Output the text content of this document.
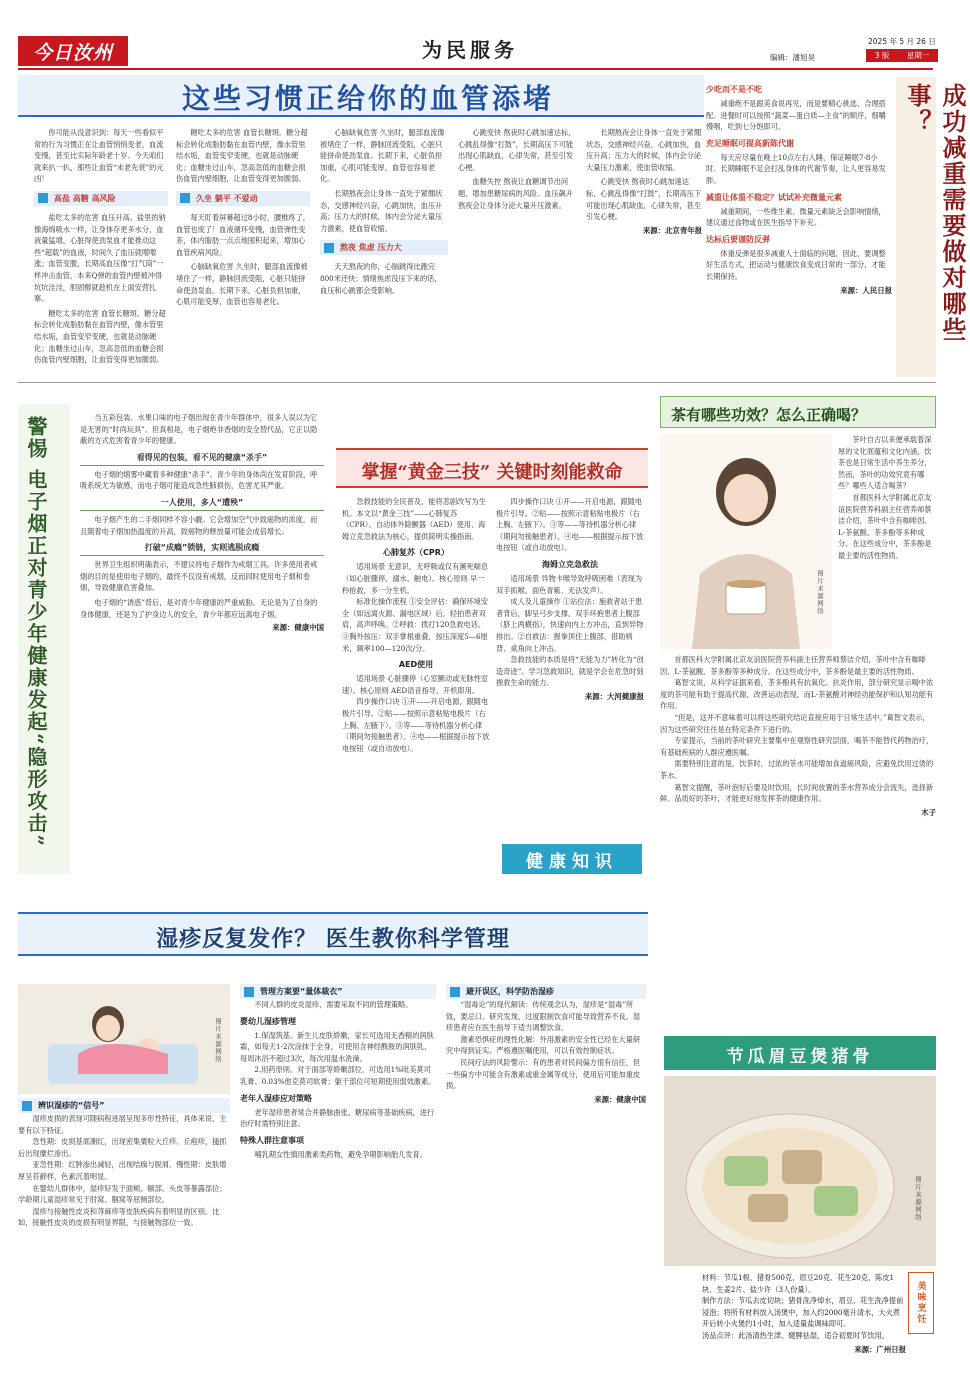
今日汝州	为民服务	2025 年 5 月 26 日
编辑：潘旭昊	3 版 星期一
这些习惯正给你的血管添堵
你可能从没意识到：每天一些看似平常的行为习惯正在让血管悄悄变老，血流变慢，甚至比实际年龄老十岁。今天咱们就来扒一扒，那些让血管“未老先衰”的元凶！
高盐 高糖 高风险
盐吃太多的危害 血压升高。盐里的钠像海绵吸水一样，让身体存更多水分，血液量猛增，心脏得使劲泵血才能推动这些“超载”的血液，时间久了血压就噌噌涨；血管变脆，长期高血压像“打气筒”一样冲击血管，本来Q弹的血管内壁被冲得坑坑洼洼，胆固醇就趁机在上面安营扎寨。
糖吃太多的危害 血管长糖斑。糖分超标会转化成脂肪黏在血管内壁，像水管里结水垢，血管变窄变硬，也就是动脉硬化；血糖坐过山车，忽高忽低的血糖会损伤血管内壁细胞，让血管变得更加脆弱。
糖吃太多的危害 血管长糖斑。糖分超标会转化成脂肪黏在血管内壁，像水管里结水垢，血管变窄变硬，也就是动脉硬化；血糖坐过山车，忽高忽低的血糖会损伤血管内壁细胞，让血管变得更加脆弱。
久坐 躺平 不爱动
每天盯着屏幕超过8小时，腰椎疼了，血管也废了！血液循环变慢，血管弹性变差，体内脂肪一点点地囤积起来，增加心血管疾病风险。
心脑缺氧危害 久坐时，腿部血流像被堵住了一样，静脉回流受阻，心脏只能拼命使劲泵血。长期下来，心脏负担加重，心肌可能变厚，血管也容易老化。
心脑缺氧危害 久坐时，腿部血流像被堵住了一样，静脉回流受阻，心脏只能拼命使劲泵血。长期下来，心脏负担加重，心肌可能变厚，血管也容易老化。
长期熬夜会让身体一直处于紧绷状态，交感神经兴奋，心跳加快，血压升高；压力大的时候，体内会分泌大量压力激素，使血管收缩。
熬夜 焦虑 压力大
天天熬夜的你，心脑跳得比跑完800米还快；情绪焦虑没压下来的话，血压和心跳都会受影响。
心跳变快 熬夜时心跳加速达标，心跳乱得像“打鼓”，长期高压下可能出现心肌缺血，心律失常，甚至引发心梗。
血糖失控 熬夜让血糖调节出问题，增加患糖尿病的风险。血压飙升 熬夜会让身体分泌大量升压激素。
长期熬夜会让身体一直处于紧绷状态，交感神经兴奋，心跳加快，血压升高；压力大的时候，体内会分泌大量压力激素，使血管收缩。
心跳变快 熬夜时心跳加速达标，心跳乱得像“打鼓”，长期高压下可能出现心肌缺血，心律失常，甚至引发心梗。
来源：北京青年报
少吃而不是不吃
减重绝不是跟美食说再见，而是要精心挑选、合理搭配。进餐时可以按照“蔬菜—蛋白质—主食”的顺序，细嚼慢咽，吃到七分饱即可。
充足睡眠可提高新陈代谢
每天应尽量在晚上10点左右入睡，保证睡眠7-8小时。长期睡眠不足会打乱身体的代谢节奏，让人更容易发胖。
减重让体重不稳定？试试补充微量元素
减重期间，一些维生素、微量元素缺乏会影响情绪，建议通过食物或在医生指导下补充。
达标后要谨防反弹
体重反弹是很多减重人士面临的问题。因此，要调整好生活方式，把运动与健康饮食变成日常的一部分，才能长期保持。
来源：人民日报	成功减重需要做对哪些事？
警惕 电子烟正对青少年健康发起“隐形攻击”	当五彩包装、水果口味的电子烟出现在青少年群体中，很多人误以为它是无害的“时尚玩具”。但真相是，电子烟绝非香烟的安全替代品，它正以隐蔽的方式危害着青少年的健康。
看得见的包装，看不见的健康“杀手”
电子烟的烟雾中藏着多种健康“杀手”。青少年的身体尚在发育阶段，呼吸系统尤为敏感，而电子烟可能造成急性肺损伤，危害尤其严重。
一人使用，多人“遭殃”
电子烟产生的二手烟同样不容小觑。它会增加空气中致癌物的浓度，而且随着电子烟加热温度的升高，致癌物的释放量可能会成倍增长。
打破“成瘾”锁链，实则逃脱成瘾
世界卫生组织明确表示，不建议将电子烟作为戒烟工具。许多使用者戒烟的目的是使用电子烟的，最终不仅没有戒烟，反而同时使用电子烟和卷烟，导致健康危害叠加。
电子烟的“诱惑”背后，是对青少年健康的严重威胁。无论是为了自身的身体健康，还是为了护身边人的安全，青少年都应远离电子烟。
来源：健康中国
掌握“黄金三技” 关键时刻能救命
急救技能的全民普及，能将悲剧改写为生机。本文以“黄金三技”——心肺复苏（CPR）、自动体外除颤器（AED）使用、海姆立克急救法为核心，提供简明实操指南。
心肺复苏（CPR）
适用场景 无意识、无呼吸或仅有濒死喘息（如心脏骤停、溺水、触电）。核心原则 早一秒抢救，多一分生机。
标准化操作流程 ①安全评估：确保环境安全（如远离火源、漏电区域）后，轻拍患者双肩，高声呼唤。②呼救：拨打120急救电话。③胸外按压：双手掌根重叠，按压深度5—6厘米，频率100—120次/分。
AED使用
适用场景 心脏骤停（心室颤动或无脉性室速）。核心原则 AED语音指导，开机即用。
四步操作口诀 ①开——开启电源，跟随电极片引导。②贴——按照示意粘贴电极片（右上胸、左腋下）。③等——等待机器分析心律（期间勿接触患者）。④电——根据提示按下放电按钮（或自动放电）。
四步操作口诀 ①开——开启电源，跟随电极片引导。②贴——按照示意粘贴电极片（右上胸、左腋下）。③等——等待机器分析心律（期间勿接触患者）。④电——根据提示按下放电按钮（或自动放电）。
海姆立克急救法
适用场景 异物卡喉导致呼吸困难（表现为双手抓喉、面色青紫、无法发声）。
成人及儿童操作 ①站位法：施救者站于患者背后，脚呈弓步支撑，双手环抱患者上腹部（脐上两横指），快速向内上方冲击，直到异物排出。②自救法：握拳顶住上腹部，借助椅背、桌角向上冲击。
急救技能的本质是将“无能为力”转化为“创造奇迹”。学习急救知识，就是学会在危急时刻挽救生命的能力。
来源：大河健康报
健康知识
茶有哪些功效？怎么正确喝？
图片来源网络
茶叶自古以来便承载着深厚的文化底蕴和文化内涵，饮茶也是日常生活中养生养分，然而，茶叶的功效究竟有哪些？哪些人适合喝茶？
首都医科大学附属北京友谊医院营养科副主任营养师蔡洁介绍，茶叶中含有咖啡因、L-茶氨酸、茶多酚等多种成分。在这些成分中，茶多酚是最主要的活性物质。
首都医科大学附属北京友谊医院营养科副主任营养师蔡洁介绍，茶叶中含有咖啡因、L-茶氨酸、茶多酚等多种成分。在这些成分中，茶多酚是最主要的活性物质。
葛智文说，从科学证据来看，茶多酚具有抗氧化、抗炎作用，部分研究显示喝中浓度的茶可能有助于提高代谢，改善运动表现，而L-茶氨酸对神经功能保护和认知功能有作用。
“但是，这并不意味着可以将这些研究结论直接应用于日常生活中。”葛智文表示，因为这些研究往往是在特定条件下进行的。
专家提示，当前的茶叶研究主要集中在观察性研究层面，喝茶不能替代药物治疗，有基础疾病的人群应遵医嘱。
需要特别注意的是，饮茶时，过浓的茶水可能增加食道癌风险，应避免饮用过烫的茶水。
葛智文提醒，茶叶泡好后要及时饮用，长时间放置的茶水营养成分会流失，选择新鲜、品质好的茶叶，才能更好地发挥茶的健康作用。
木子
湿疹反复发作？ 医生教你科学管理
图片来源网络
辨识湿疹的“信号”
湿疹皮损的表现可随病程进展呈现多形性特征，具体来说，主要有以下特征。
急性期：皮损基底潮红，出现密集粟粒大丘疹、丘疱疹，搔抓后出现糜烂渗出。
亚急性期：红肿渗出减轻，出现结痂与脱屑。慢性期：皮肤增厚呈苔藓样，色素沉着明显。
在婴幼儿群体中，湿疹好发于面颊、额部、头皮等暴露部位；学龄期儿童湿疹常见于肘窝、腘窝等屈侧部位。
湿疹与接触性皮炎和荨麻疹等皮肤疾病有着明显的区别。比如，接触性皮炎的皮损有明显界限，与接触物部位一致。
管理方案要“量体裁衣”
不同人群的皮炎湿疹，需要采取不同的管理策略。
婴幼儿湿疹管理
1.保湿筑基。新生儿皮肤娇嫩，家长可选用无香精的润肤霜，如每天1-2次涂抹于全身，可使用含神经酰胺的润肤乳，每周沐浴不超过3次，每次用温水洗澡。
2.用药原则。对于面部等娇嫩部位，可选用1%吡美莫司乳膏、0.03%他克莫司软膏；躯干部位可短期使用弱效激素。
老年人湿疹应对策略
老年湿疹患者常合并静脉曲张、糖尿病等基础疾病，进行治疗时需特别注意。
特殊人群注意事项
哺乳期女性慎用激素类药物，避免孕期影响胎儿发育。
避开误区，科学防治湿疹
“湿毒论”的现代解读：传统观念认为，湿疹是“湿毒”所致，要忌口。研究发现，过度限制饮食可能导致营养不良，湿疹患者应在医生指导下适当调整饮食。
激素恐惧症的理性化解：外用激素的安全性已经在大量研究中得到证实。严格遵医嘱使用，可以有效控制症状。
民间疗法的风险警示：有的患者对民间偏方很有信任，但一些偏方中可能含有激素或重金属等成分，使用后可能加重皮损。
来源：健康中国
节瓜眉豆煲猪骨
图片来源网络
材料：节瓜1根、猪骨500克、眉豆20克、花生20克、陈皮1块、生姜2片、盐少许（3人份量）。
制作方法：节瓜去皮切块；猪骨洗净焯水，眉豆、花生洗净提前浸泡；将所有材料放入汤煲中，加入约2000毫升清水，大火煮开后转小火煲约1小时，加入适量盐调味即可。
汤品点评：此汤清热生津、健脾祛湿，适合初夏时节饮用。
来源：广州日报
美味烹饪
